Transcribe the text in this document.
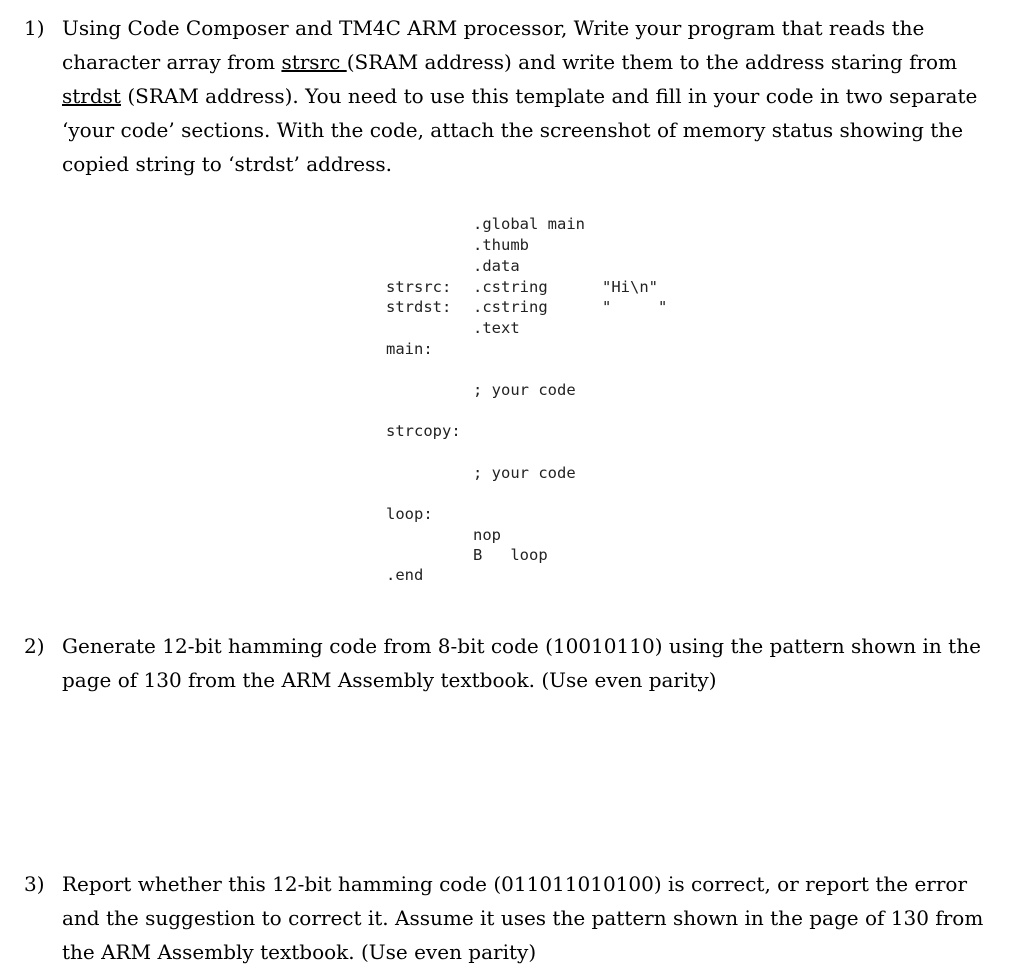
1) Using Code Composer and TM4C ARM processor, Write your program that reads the character array from strsrc (SRAM address) and write them to the address staring from strdst (SRAM address). You need to use this template and fill in your code in two separate ‘your code’ sections. With the code, attach the screenshot of memory status showing the copied string to ‘strdst’ address.
.global main
.thumb
.data
strsrc: .cstring	"Hi\n"
strdst: .cstring	"     "
.text
main:
; your code
strcopy:
; your code
loop:
nop
B   loop
.end
2) Generate 12-bit hamming code from 8-bit code (10010110) using the pattern shown in the page of 130 from the ARM Assembly textbook. (Use even parity)
3) Report whether this 12-bit hamming code (011011010100) is correct, or report the error and the suggestion to correct it. Assume it uses the pattern shown in the page of 130 from the ARM Assembly textbook. (Use even parity)
